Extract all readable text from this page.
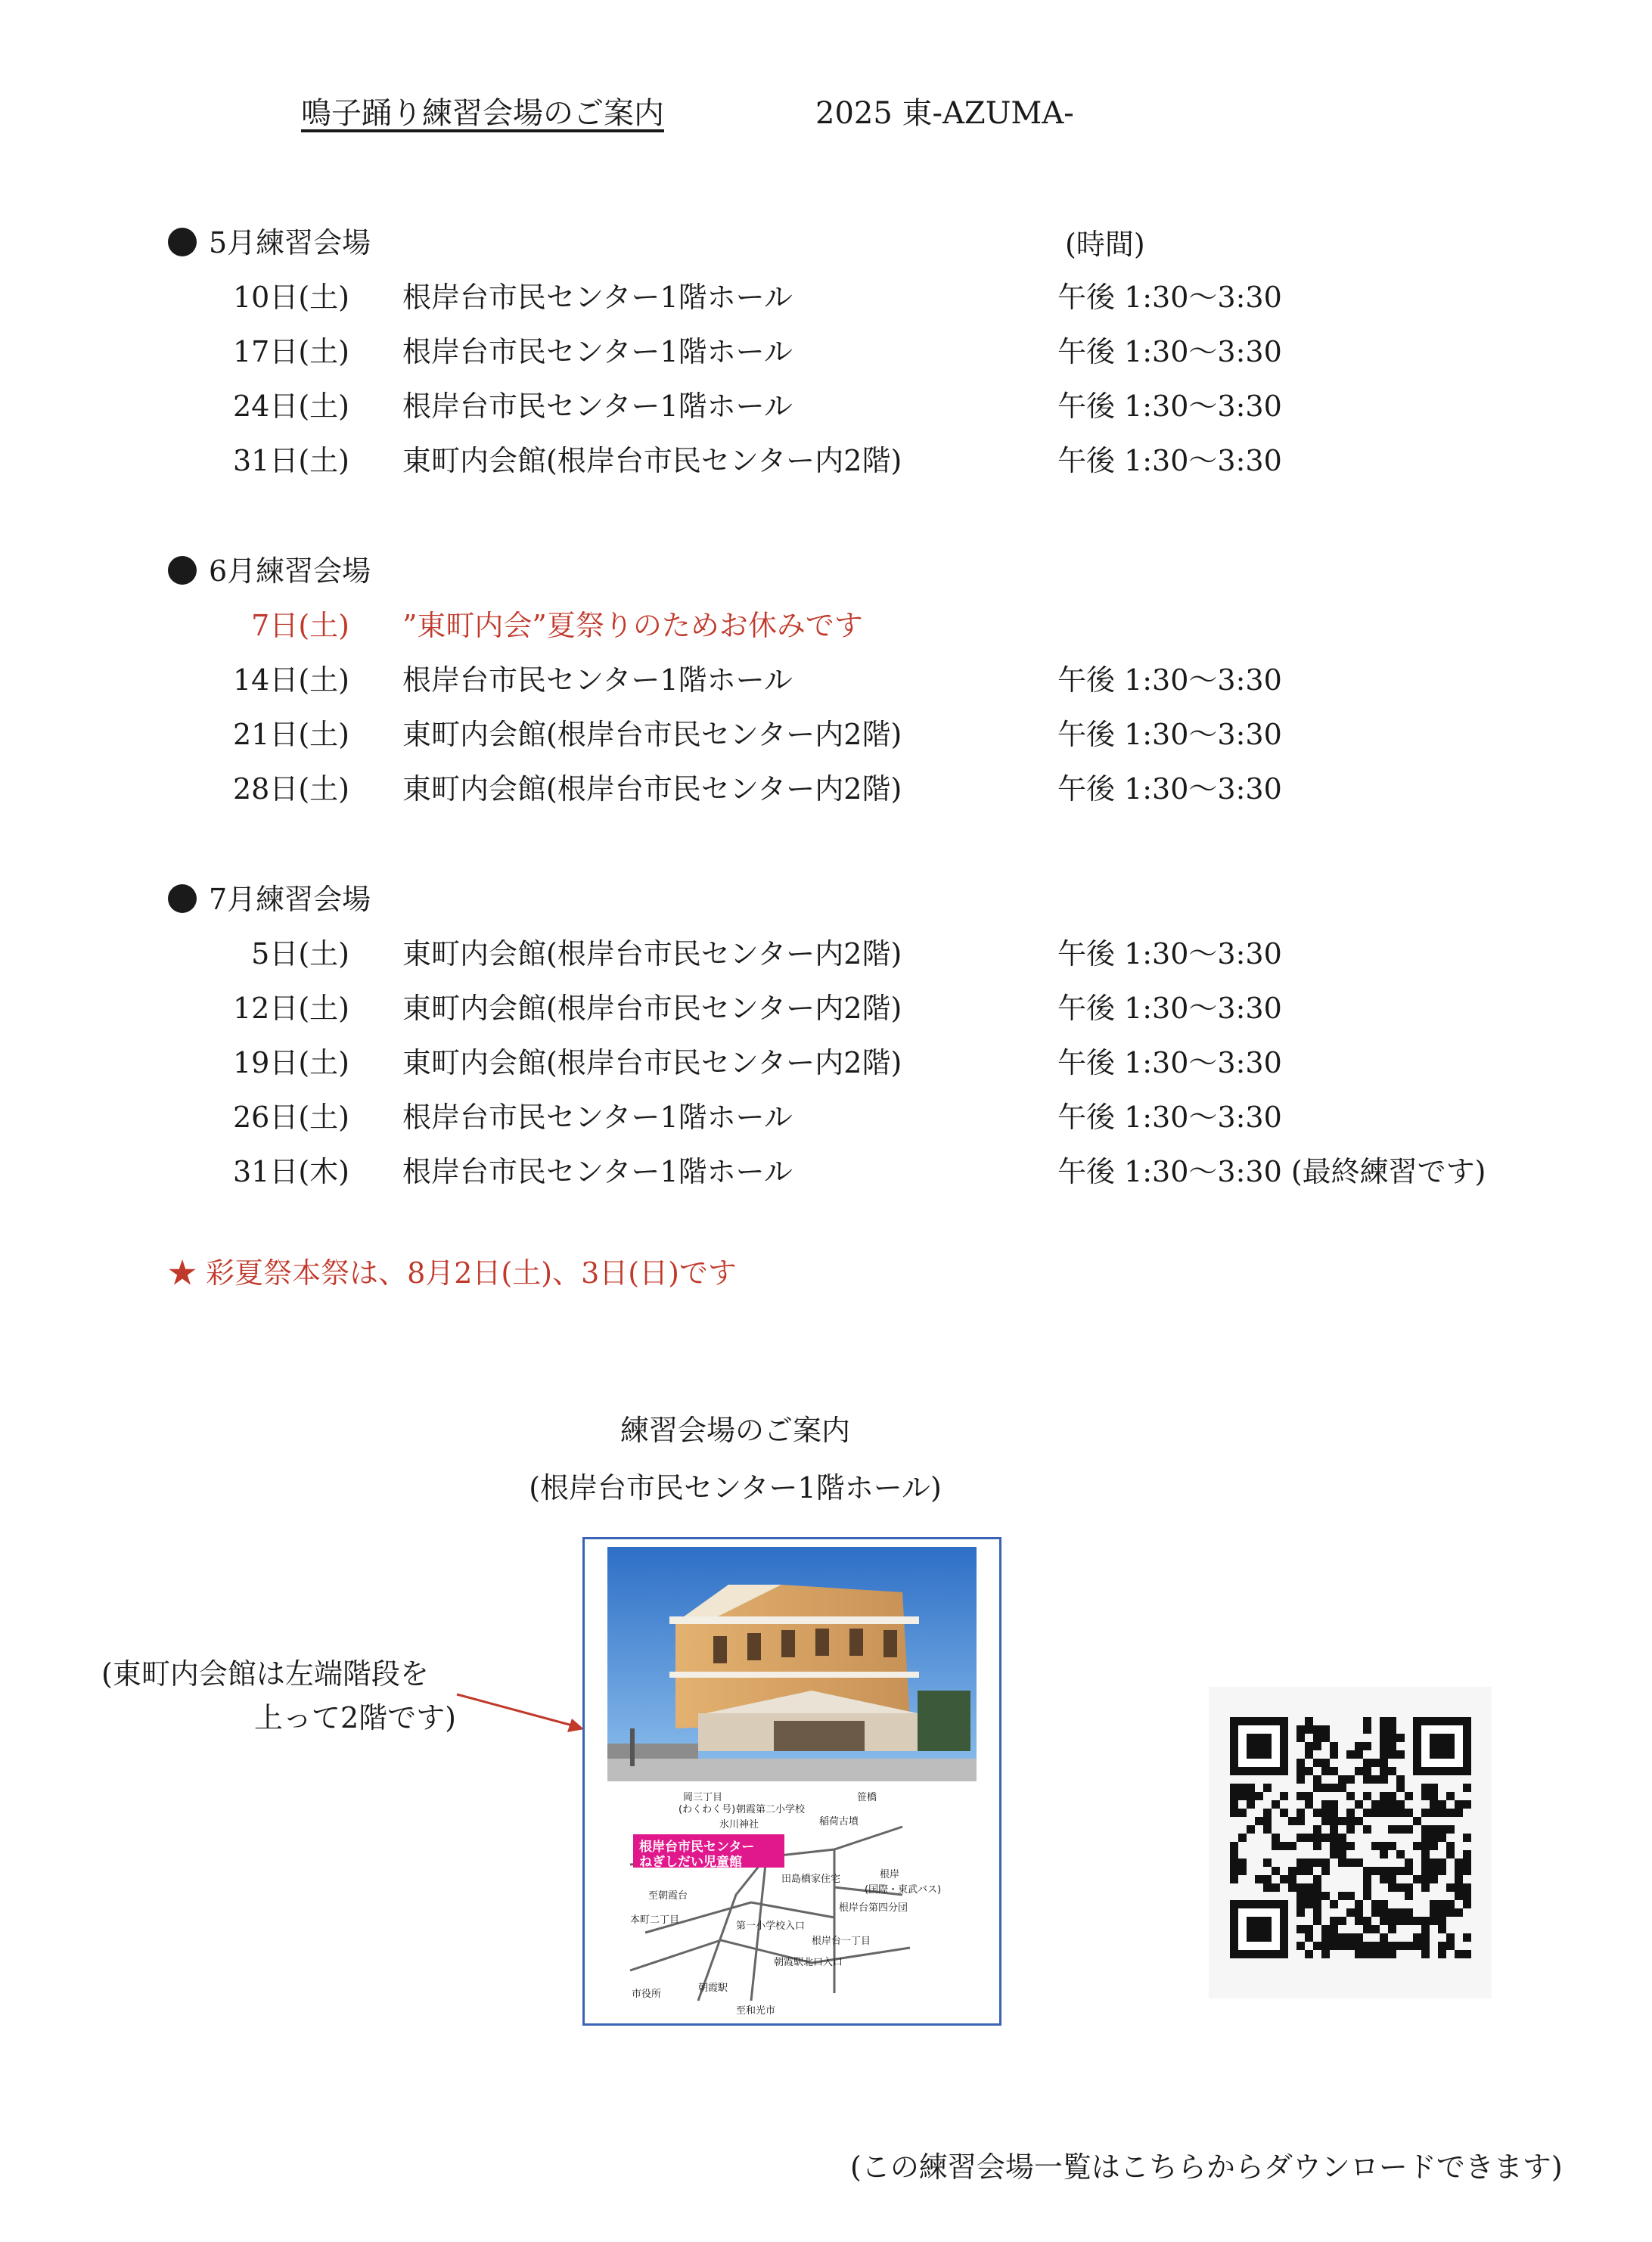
鳴子踊り練習会場のご案内	2025 東-AZUMA-
(時間)
5月練習会場
10日(土) 根岸台市民センター1階ホール	午後 1:30〜3:30
17日(土) 根岸台市民センター1階ホール	午後 1:30〜3:30
24日(土) 根岸台市民センター1階ホール	午後 1:30〜3:30
31日(土) 東町内会館(根岸台市民センター内2階)	午後 1:30〜3:30
6月練習会場
7日(土) ”東町内会”夏祭りのためお休みです
14日(土) 根岸台市民センター1階ホール	午後 1:30〜3:30
21日(土) 東町内会館(根岸台市民センター内2階)	午後 1:30〜3:30
28日(土) 東町内会館(根岸台市民センター内2階)	午後 1:30〜3:30
7月練習会場
5日(土) 東町内会館(根岸台市民センター内2階)	午後 1:30〜3:30
12日(土) 東町内会館(根岸台市民センター内2階)	午後 1:30〜3:30
19日(土) 東町内会館(根岸台市民センター内2階)	午後 1:30〜3:30
26日(土) 根岸台市民センター1階ホール	午後 1:30〜3:30
31日(木) 根岸台市民センター1階ホール	午後 1:30〜3:30 (最終練習です)
★ 彩夏祭本祭は、8月2日(土)、3日(日)です
練習会場のご案内
(根岸台市民センター1階ホール)
(東町内会館は左端階段を
上って2階です)
根岸台市民センター
ねぎしだい児童館
岡三丁目
(わくわく号) 朝霞第二小学校
氷川神社	稲荷古墳
笹橋
田島橋家住宅	根岸
(国際・東武バス)
至朝霞台
本町二丁目
第一小学校入口
根岸台第四分団
根岸台一丁目
朝霞駅北口入口
市役所
朝霞駅
至和光市
(この練習会場一覧はこちらからダウンロードできます)
